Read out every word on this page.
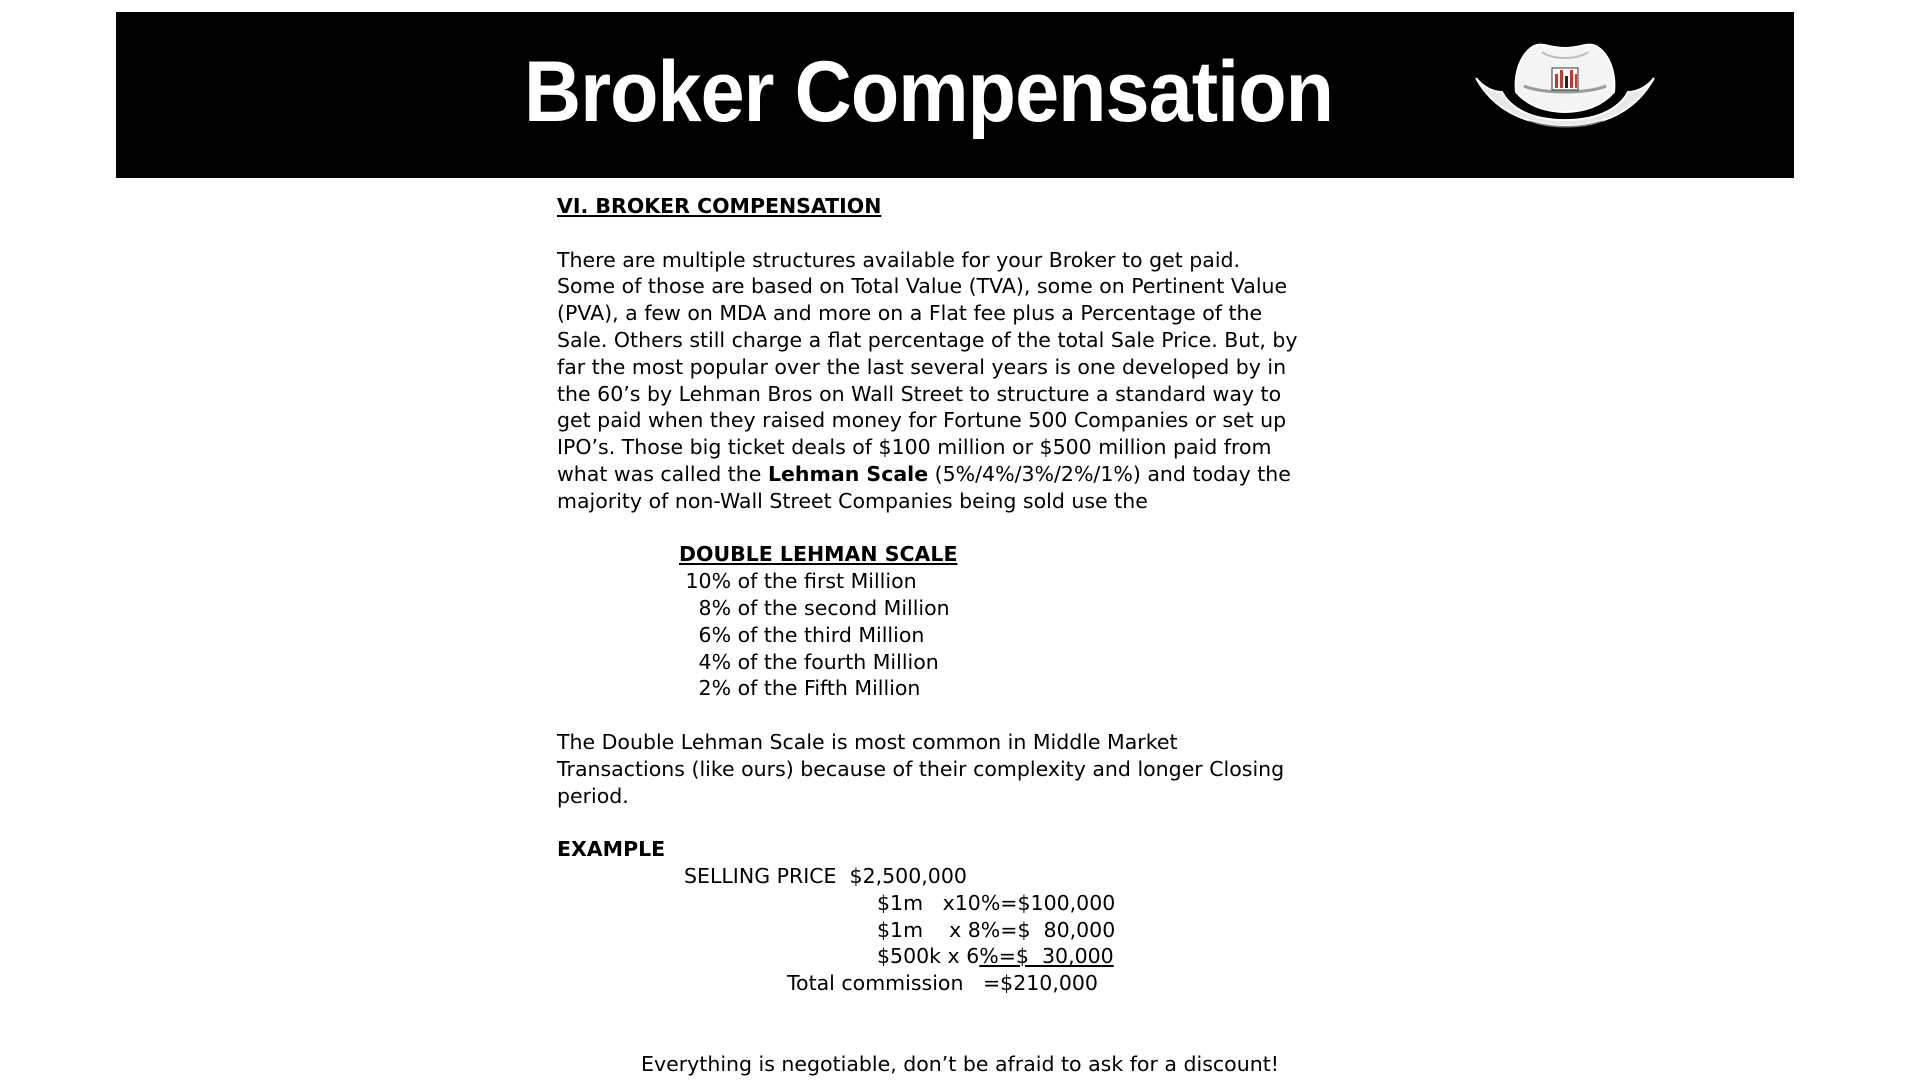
Broker Compensation

VI. BROKER COMPENSATION

There are multiple structures available for your Broker to get paid.
Some of those are based on Total Value (TVA), some on Pertinent Value
(PVA), a few on MDA and more on a Flat fee plus a Percentage of the
Sale. Others still charge a flat percentage of the total Sale Price. But, by
far the most popular over the last several years is one developed by in
the 60’s by Lehman Bros on Wall Street to structure a standard way to
get paid when they raised money for Fortune 500 Companies or set up
IPO’s. Those big ticket deals of $100 million or $500 million paid from
what was called the Lehman Scale (5%/4%/3%/2%/1%) and today the
majority of non-Wall Street Companies being sold use the
DOUBLE LEHMAN SCALE
10% of the first Million
8% of the second Million
6% of the third Million
4% of the fourth Million
2% of the Fifth Million
The Double Lehman Scale is most common in Middle Market
Transactions (like ours) because of their complexity and longer Closing
period.
EXAMPLE
SELLING PRICE  $2,500,000
$1m   x10%=$100,000
$1m    x 8%=$  80,000
$500k x 6%=$  30,000
Total commission   =$210,000
Everything is negotiable, don’t be afraid to ask for a discount!
